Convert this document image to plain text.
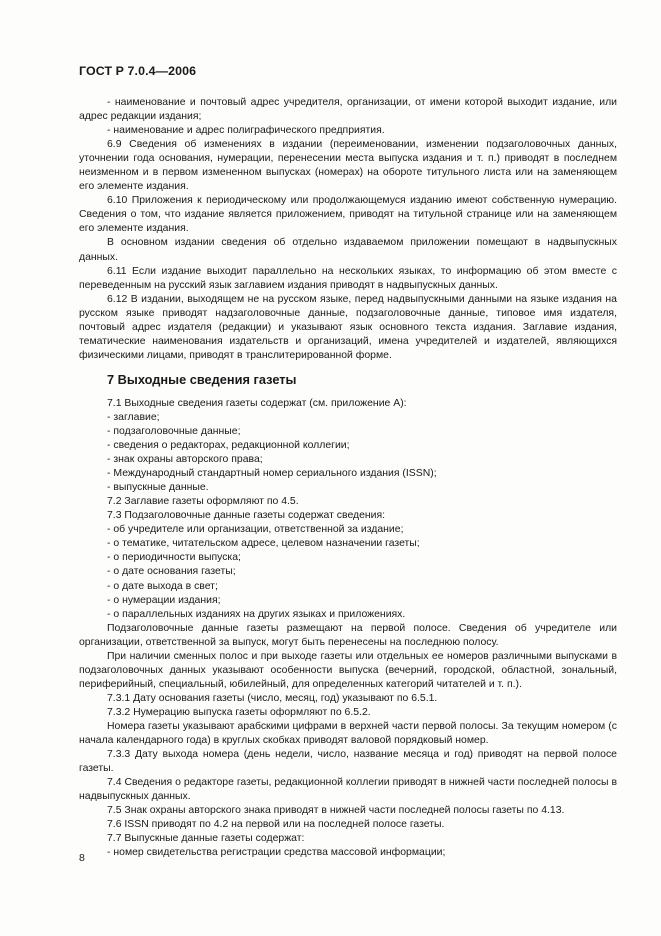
ГОСТ Р 7.0.4—2006

- наименование и почтовый адрес учредителя, организации, от имени которой выходит издание, или адрес редакции издания;

- наименование и адрес полиграфического предприятия.

6.9 Сведения об изменениях в издании (переименовании, изменении подзаголовочных данных, уточнении года основания, нумерации, перенесении места выпуска издания и т. п.) приводят в последнем неизменном и в первом измененном выпусках (номерах) на обороте титульного листа или на заменяющем его элементе издания.

6.10 Приложения к периодическому или продолжающемуся изданию имеют собственную нумерацию. Сведения о том, что издание является приложением, приводят на титульной странице или на заменяющем его элементе издания.

В основном издании сведения об отдельно издаваемом приложении помещают в надвыпускных данных.

6.11 Если издание выходит параллельно на нескольких языках, то информацию об этом вместе с переведенным на русский язык заглавием издания приводят в надвыпускных данных.

6.12 В издании, выходящем не на русском языке, перед надвыпускными данными на языке издания на русском языке приводят надзаголовочные данные, подзаголовочные данные, типовое имя издателя, почтовый адрес издателя (редакции) и указывают язык основного текста издания. Заглавие издания, тематические наименования издательств и организаций, имена учредителей и издателей, являющихся физическими лицами, приводят в транслитерированной форме.

7 Выходные сведения газеты

7.1 Выходные сведения газеты содержат (см. приложение А):

- заглавие;

- подзаголовочные данные;

- сведения о редакторах, редакционной коллегии;

- знак охраны авторского права;

- Международный стандартный номер сериального издания (ISSN);

- выпускные данные.

7.2 Заглавие газеты оформляют по 4.5.

7.3 Подзаголовочные данные газеты содержат сведения:

- об учредителе или организации, ответственной за издание;

- о тематике, читательском адресе, целевом назначении газеты;

- о периодичности выпуска;

- о дате основания газеты;

- о дате выхода в свет;

- о нумерации издания;

- о параллельных изданиях на других языках и приложениях.

Подзаголовочные данные газеты размещают на первой полосе. Сведения об учредителе или организации, ответственной за выпуск, могут быть перенесены на последнюю полосу.

При наличии сменных полос и при выходе газеты или отдельных ее номеров различными выпусками в подзаголовочных данных указывают особенности выпуска (вечерний, городской, областной, зональный, периферийный, специальный, юбилейный, для определенных категорий читателей и т. п.).

7.3.1 Дату основания газеты (число, месяц, год) указывают по 6.5.1.

7.3.2 Нумерацию выпуска газеты оформляют по 6.5.2.

Номера газеты указывают арабскими цифрами в верхней части первой полосы. За текущим номером (с начала календарного года) в круглых скобках приводят валовой порядковый номер.

7.3.3 Дату выхода номера (день недели, число, название месяца и год) приводят на первой полосе газеты.

7.4 Сведения о редакторе газеты, редакционной коллегии приводят в нижней части последней полосы в надвыпускных данных.

7.5 Знак охраны авторского знака приводят в нижней части последней полосы газеты по 4.13.

7.6 ISSN приводят по 4.2 на первой или на последней полосе газеты.

7.7 Выпускные данные газеты содержат:

- номер свидетельства регистрации средства массовой информации;

8
